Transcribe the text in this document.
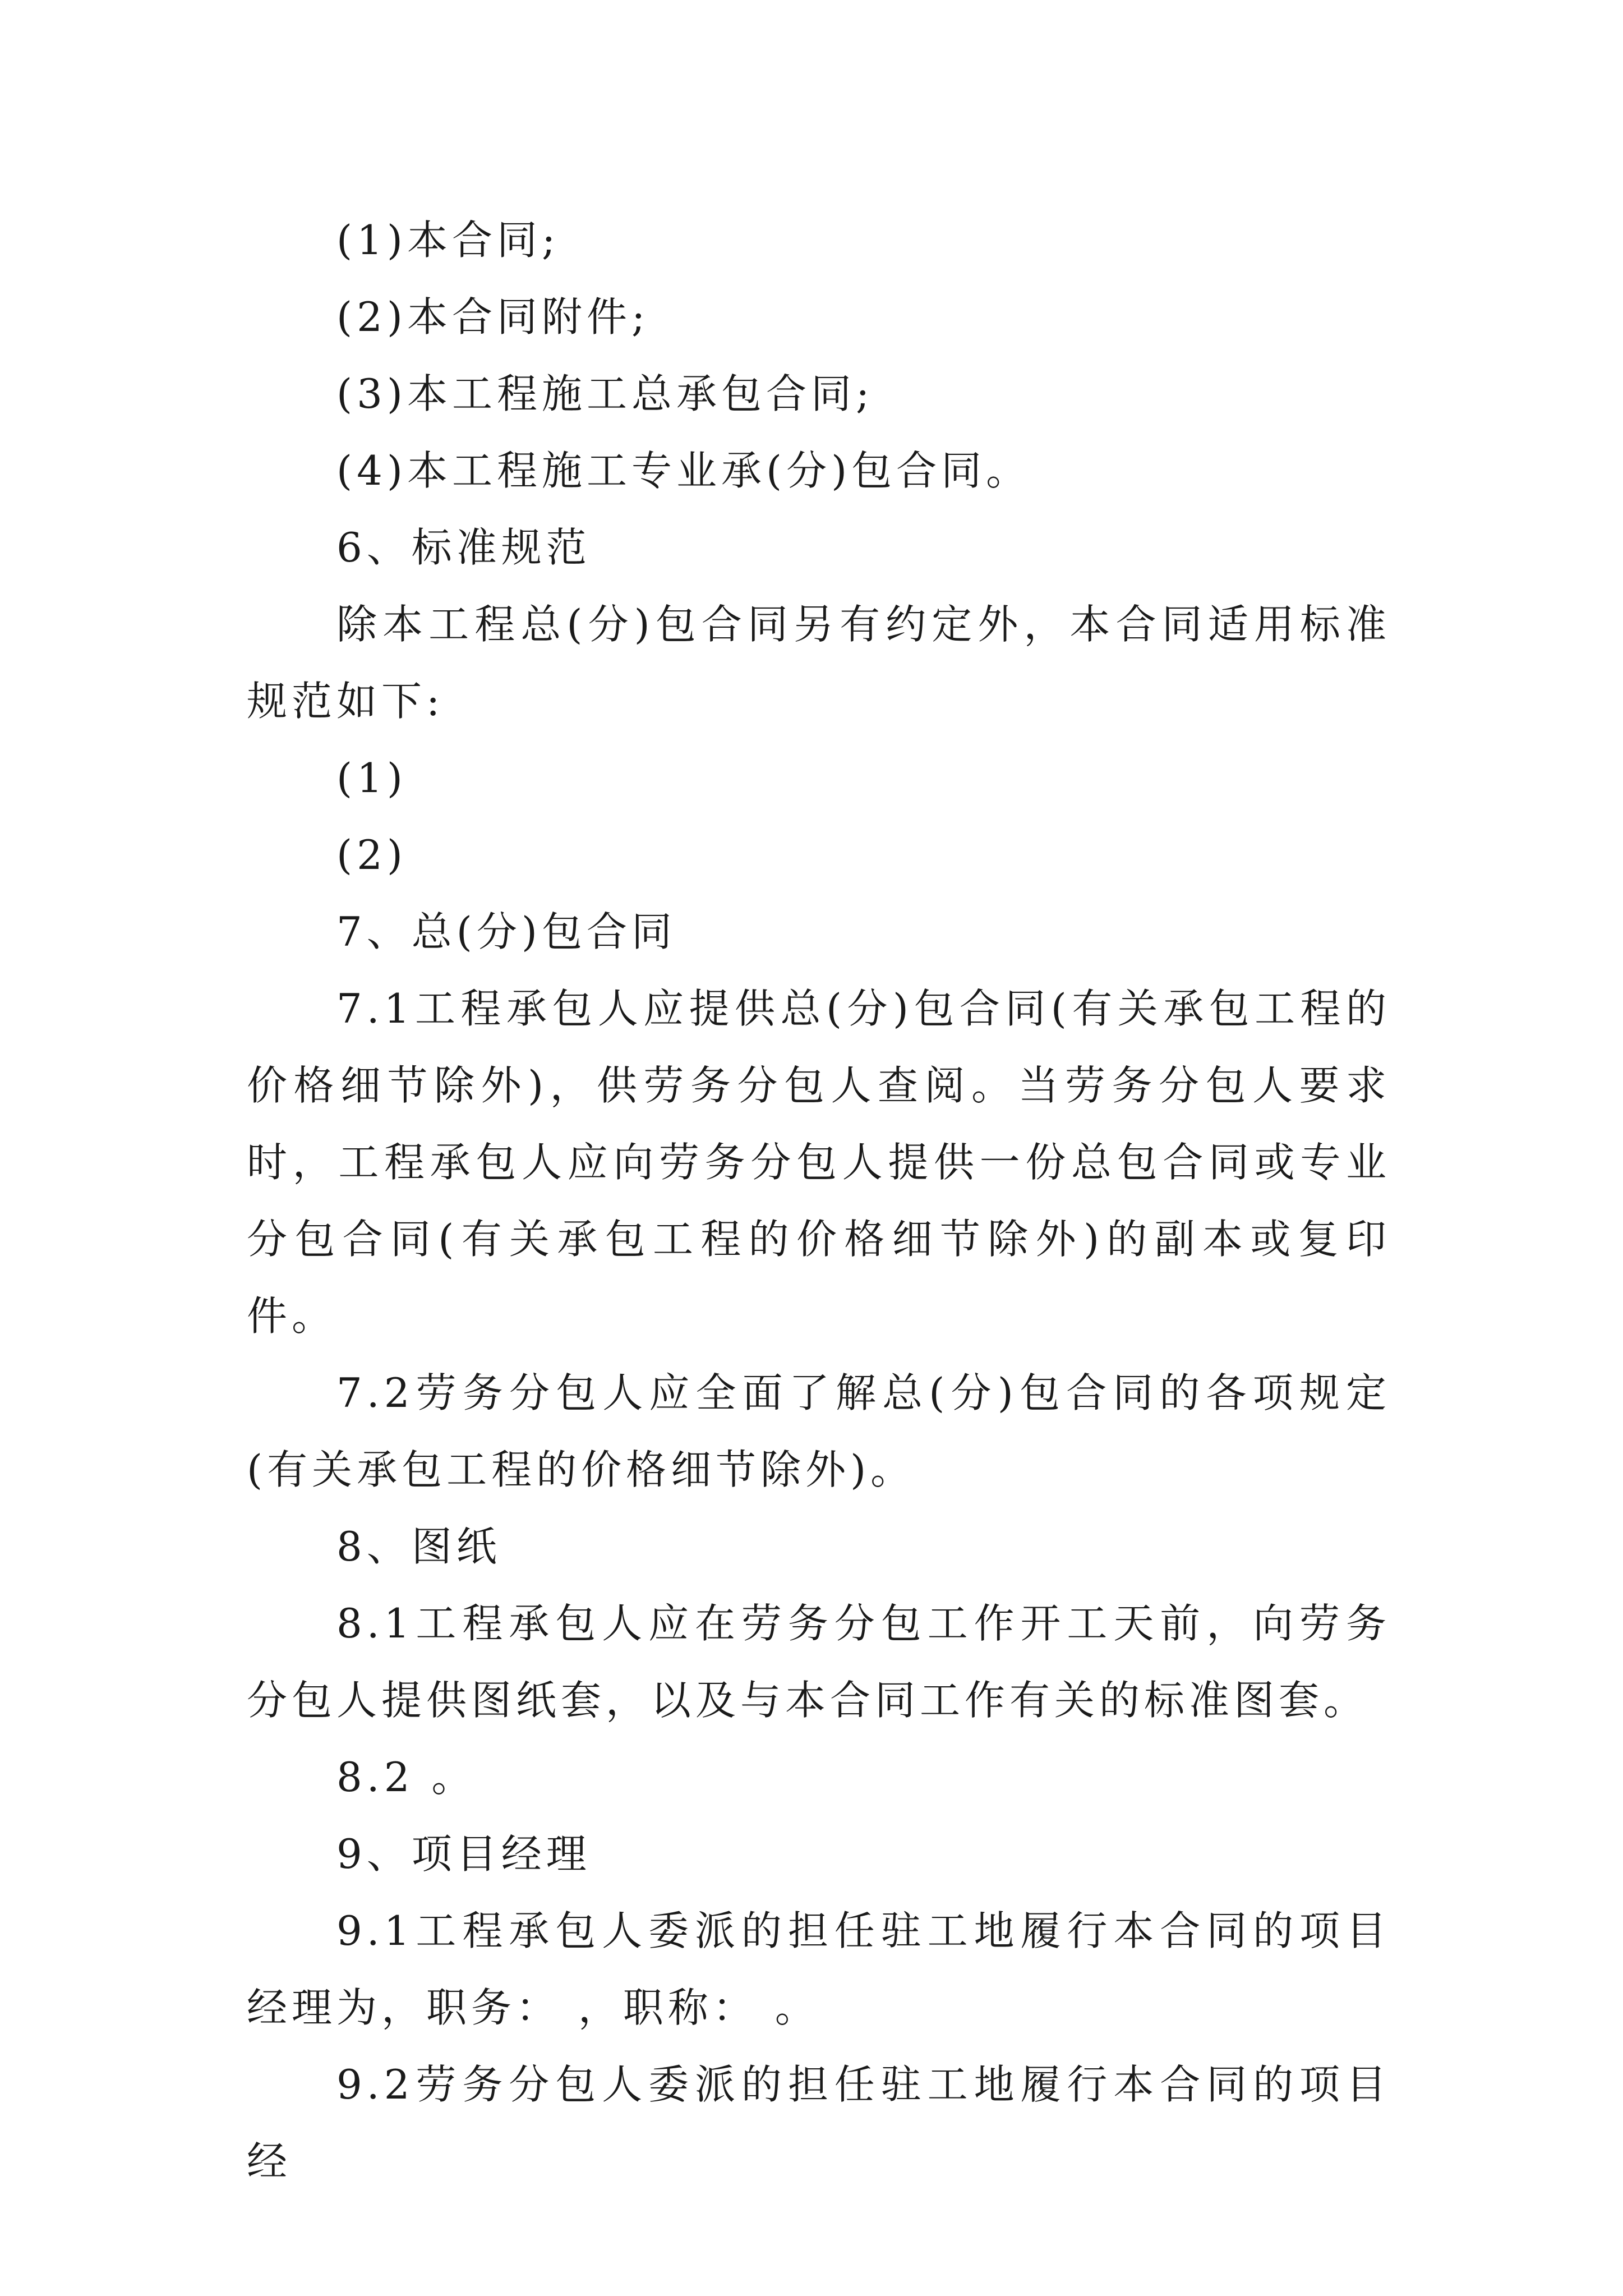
(1)本合同;

(2)本合同附件;

(3)本工程施工总承包合同;

(4)本工程施工专业承(分)包合同。

6、标准规范

除本工程总(分)包合同另有约定外，本合同适用标准规范如下:

(1)

(2)

7、总(分)包合同

7.1工程承包人应提供总(分)包合同(有关承包工程的价格细节除外)，供劳务分包人查阅。当劳务分包人要求时，工程承包人应向劳务分包人提供一份总包合同或专业分包合同(有关承包工程的价格细节除外)的副本或复印件。

7.2劳务分包人应全面了解总(分)包合同的各项规定(有关承包工程的价格细节除外)。

8、图纸

8.1工程承包人应在劳务分包工作开工天前，向劳务分包人提供图纸套，以及与本合同工作有关的标准图套。

8.2 。

9、项目经理

9.1工程承包人委派的担任驻工地履行本合同的项目经理为，职务： ，职称： 。

9.2劳务分包人委派的担任驻工地履行本合同的项目经
